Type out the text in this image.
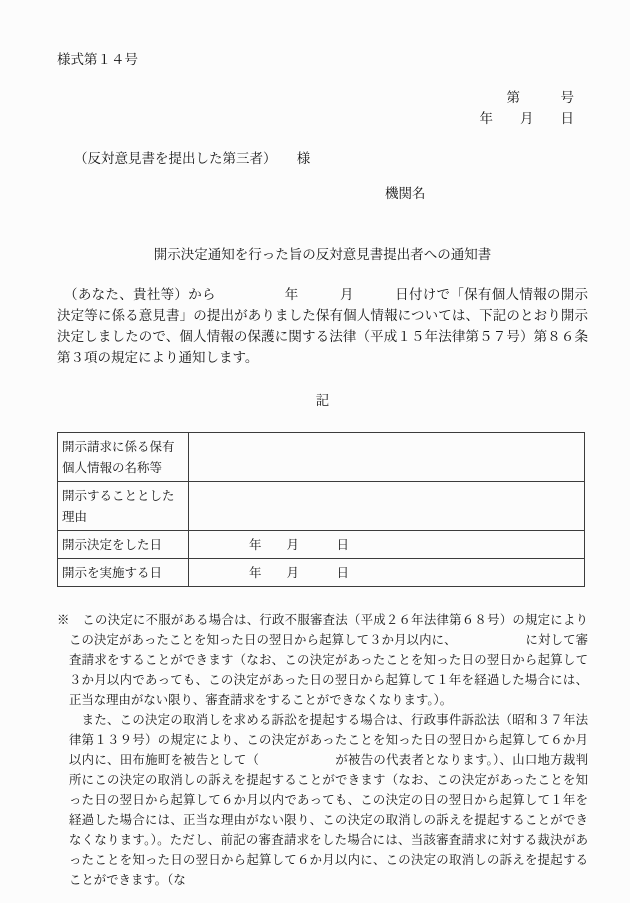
様式第１４号
第　　　号
年　　月　　日
（反対意見書を提出した第三者）　　様
機関名
開示決定通知を行った旨の反対意見書提出者への通知書
　（あなた、貴社等）から　　　　　年　　　月　　　日付けで「保有個人情報の開示決定等に係る意見書」の提出がありました保有個人情報については、下記のとおり開示決定しましたので、個人情報の保護に関する法律（平成１５年法律第５７号）第８６条第３項の規定により通知します。
記
開示請求に係る保有個人情報の名称等	
開示することとした理由	
開示決定をした日	年　　月　　　日
開示を実施する日	年　　月　　　日

※　この決定に不服がある場合は、行政不服審査法（平成２６年法律第６８号）の規定によりこの決定があったことを知った日の翌日から起算して３か月以内に、　　　　　　に対して審査請求をすることができます（なお、この決定があったことを知った日の翌日から起算して３か月以内であっても、この決定があった日の翌日から起算して１年を経過した場合には、正当な理由がない限り、審査請求をすることができなくなります。）。

　また、この決定の取消しを求める訴訟を提起する場合は、行政事件訴訟法（昭和３７年法律第１３９号）の規定により、この決定があったことを知った日の翌日から起算して６か月以内に、田布施町を被告として（　　　　　　が被告の代表者となります。）、山口地方裁判所にこの決定の取消しの訴えを提起することができます（なお、この決定があったことを知った日の翌日から起算して６か月以内であっても、この決定の日の翌日から起算して１年を経過した場合には、正当な理由がない限り、この決定の取消しの訴えを提起することができなくなります。）。ただし、前記の審査請求をした場合には、当該審査請求に対する裁決があったことを知った日の翌日から起算して６か月以内に、この決定の取消しの訴えを提起することができます。（な
